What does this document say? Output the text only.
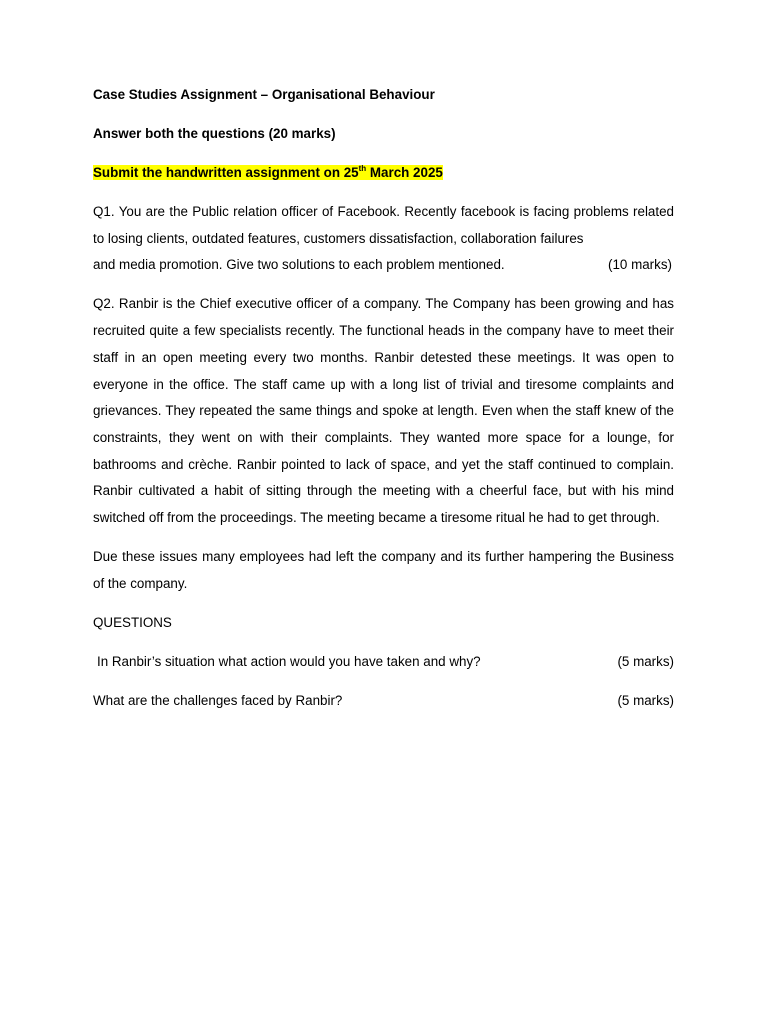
Case Studies Assignment – Organisational Behaviour

Answer both the questions (20 marks)

Submit the handwritten assignment on 25th March 2025

Q1. You are the Public relation officer of Facebook. Recently facebook is facing problems related to losing clients, outdated features, customers dissatisfaction, collaboration failures
and media promotion. Give two solutions to each problem mentioned.	(10 marks)

Q2. Ranbir is the Chief executive officer of a company. The Company has been growing and has recruited quite a few specialists recently. The functional heads in the company have to meet their staff in an open meeting every two months. Ranbir detested these meetings. It was open to everyone in the office. The staff came up with a long list of trivial and tiresome complaints and grievances. They repeated the same things and spoke at length. Even when the staff knew of the constraints, they went on with their complaints. They wanted more space for a lounge, for bathrooms and crèche. Ranbir pointed to lack of space, and yet the staff continued to complain. Ranbir cultivated a habit of sitting through the meeting with a cheerful face, but with his mind switched off from the proceedings. The meeting became a tiresome ritual he had to get through.

Due these issues many employees had left the company and its further hampering the Business of the company.

QUESTIONS

In Ranbir’s situation what action would you have taken and why?	(5 marks)
What are the challenges faced by Ranbir?	(5 marks)
